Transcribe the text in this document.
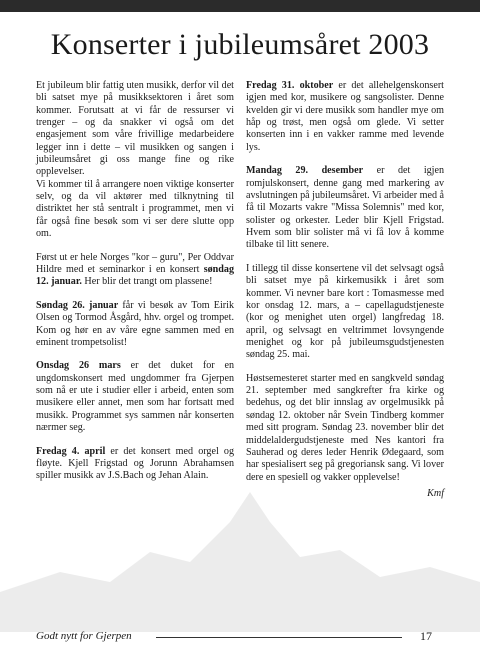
Konserter i jubileumsåret 2003

Et jubileum blir fattig uten musikk, derfor vil det bli satset mye på musikksektoren i året som kommer. Forutsatt at vi får de ressurser vi trenger – og da snakker vi også om det engasjement som våre frivillige medarbeidere legger inn i dette – vil musikken og sangen i jubileumsåret gi oss mange fine og rike opplevelser.

Vi kommer til å arrangere noen viktige konserter selv, og da vil aktører med tilknytning til distriktet her stå sentralt i programmet, men vi får også fine besøk som vi ser dere slutte opp om.

Først ut er hele Norges "kor – guru", Per Oddvar Hildre med et seminarkor i en konsert søndag 12. januar. Her blir det trangt om plassene!

Søndag 26. januar får vi besøk av Tom Eirik Olsen og Tormod Åsgård, hhv. orgel og trompet. Kom og hør en av våre egne sammen med en eminent trompetsolist!

Onsdag 26 mars er det duket for en ungdomskonsert med ungdommer fra Gjerpen som nå er ute i studier eller i arbeid, enten som musikere eller annet, men som har fortsatt med musikk. Programmet sys sammen når konserten nærmer seg.

Fredag 4. april er det konsert med orgel og fløyte. Kjell Frigstad og Jorunn Abrahamsen spiller musikk av J.S.Bach og Jehan Alain.

Fredag 31. oktober er det allehelgenskonsert igjen med kor, musikere og sangsolister. Denne kvelden gir vi dere musikk som handler mye om håp og trøst, men også om glede. Vi setter konserten inn i en vakker ramme med levende lys.

Mandag 29. desember er det igjen romjulskonsert, denne gang med markering av avslutningen på jubileumsåret. Vi arbeider med å få til Mozarts vakre "Missa Solemnis" med kor, solister og orkester. Leder blir Kjell Frigstad. Hvem som blir solister må vi få lov å komme tilbake til litt senere.

I tillegg til disse konsertene vil det selvsagt også bli satset mye på kirkemusikk i året som kommer. Vi nevner bare kort : Tomasmesse med kor onsdag 12. mars, a – capellagudstjeneste (kor og menighet uten orgel) langfredag 18. april, og selvsagt en veltrimmet lovsyngende menighet og kor på jubileumsgudstjenesten søndag 25. mai.

Høstsemesteret starter med en sangkveld søndag 21. september med sangkrefter fra kirke og bedehus, og det blir innslag av orgelmusikk på søndag 12. oktober når Svein Tindberg kommer med sitt program. Søndag 23. november blir det middelaldergudstjeneste med Nes kantori fra Sauherad og deres leder Henrik Ødegaard, som har spesialisert seg på gregoriansk sang. Vi lover dere en spesiell og vakker opplevelse!

Kmf
Godt nytt for Gjerpen	17
